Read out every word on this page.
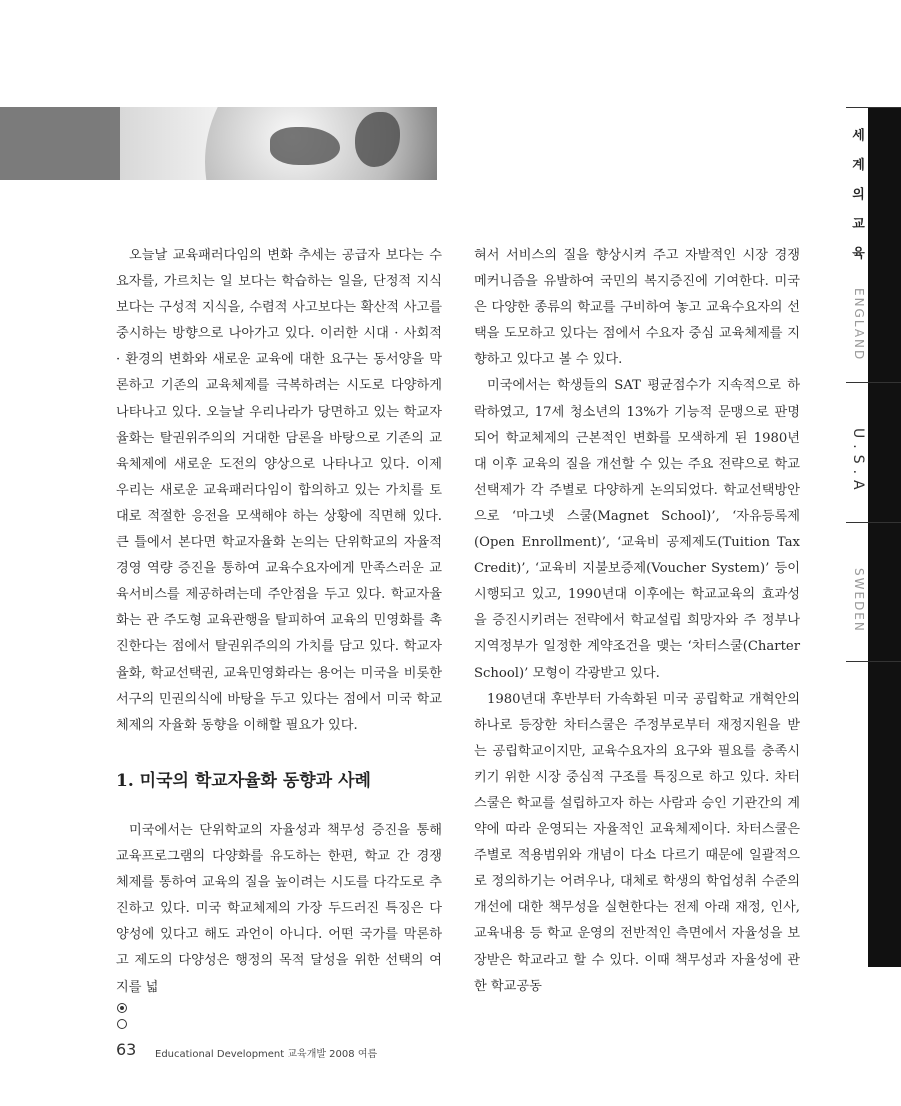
세 계 의 교 육
ENGLAND
U.S.A
SWEDEN

오늘날 교육패러다임의 변화 추세는 공급자 보다는 수요자를, 가르치는 일 보다는 학습하는 일을, 단정적 지식보다는 구성적 지식을, 수렴적 사고보다는 확산적 사고를 중시하는 방향으로 나아가고 있다. 이러한 시대 · 사회적 · 환경의 변화와 새로운 교육에 대한 요구는 동서양을 막론하고 기존의 교육체제를 극복하려는 시도로 다양하게 나타나고 있다. 오늘날 우리나라가 당면하고 있는 학교자율화는 탈권위주의의 거대한 담론을 바탕으로 기존의 교육체제에 새로운 도전의 양상으로 나타나고 있다. 이제 우리는 새로운 교육패러다임이 합의하고 있는 가치를 토대로 적절한 응전을 모색해야 하는 상황에 직면해 있다. 큰 틀에서 본다면 학교자율화 논의는 단위학교의 자율적 경영 역량 증진을 통하여 교육수요자에게 만족스러운 교육서비스를 제공하려는데 주안점을 두고 있다. 학교자율화는 관 주도형 교육관행을 탈피하여 교육의 민영화를 촉진한다는 점에서 탈권위주의의 가치를 담고 있다. 학교자율화, 학교선택권, 교육민영화라는 용어는 미국을 비롯한 서구의 민권의식에 바탕을 두고 있다는 점에서 미국 학교체제의 자율화 동향을 이해할 필요가 있다.

1. 미국의 학교자율화 동향과 사례

미국에서는 단위학교의 자율성과 책무성 증진을 통해 교육프로그램의 다양화를 유도하는 한편, 학교 간 경쟁 체제를 통하여 교육의 질을 높이려는 시도를 다각도로 추진하고 있다. 미국 학교체제의 가장 두드러진 특징은 다양성에 있다고 해도 과언이 아니다. 어떤 국가를 막론하고 제도의 다양성은 행정의 목적 달성을 위한 선택의 여지를 넓

혀서 서비스의 질을 향상시켜 주고 자발적인 시장 경쟁 메커니즘을 유발하여 국민의 복지증진에 기여한다. 미국은 다양한 종류의 학교를 구비하여 놓고 교육수요자의 선택을 도모하고 있다는 점에서 수요자 중심 교육체제를 지향하고 있다고 볼 수 있다.

미국에서는 학생들의 SAT 평균점수가 지속적으로 하락하였고, 17세 청소년의 13%가 기능적 문맹으로 판명되어 학교체제의 근본적인 변화를 모색하게 된 1980년대 이후 교육의 질을 개선할 수 있는 주요 전략으로 학교선택제가 각 주별로 다양하게 논의되었다. 학교선택방안으로 ‘마그넷 스쿨(Magnet School)’, ‘자유등록제(Open Enrollment)’, ‘교육비 공제제도(Tuition Tax Credit)’, ‘교육비 지불보증제(Voucher System)’ 등이 시행되고 있고, 1990년대 이후에는 학교교육의 효과성을 증진시키려는 전략에서 학교설립 희망자와 주 정부나 지역정부가 일정한 계약조건을 맺는 ‘차터스쿨(Charter School)’ 모형이 각광받고 있다.

1980년대 후반부터 가속화된 미국 공립학교 개혁안의 하나로 등장한 차터스쿨은 주정부로부터 재정지원을 받는 공립학교이지만, 교육수요자의 요구와 필요를 충족시키기 위한 시장 중심적 구조를 특징으로 하고 있다. 차터스쿨은 학교를 설립하고자 하는 사람과 승인 기관간의 계약에 따라 운영되는 자율적인 교육체제이다. 차터스쿨은 주별로 적용범위와 개념이 다소 다르기 때문에 일괄적으로 정의하기는 어려우나, 대체로 학생의 학업성취 수준의 개선에 대한 책무성을 실현한다는 전제 아래 재정, 인사, 교육내용 등 학교 운영의 전반적인 측면에서 자율성을 보장받은 학교라고 할 수 있다. 이때 책무성과 자율성에 관한 학교공동

63 Educational Development 교육개발 2008 여름
